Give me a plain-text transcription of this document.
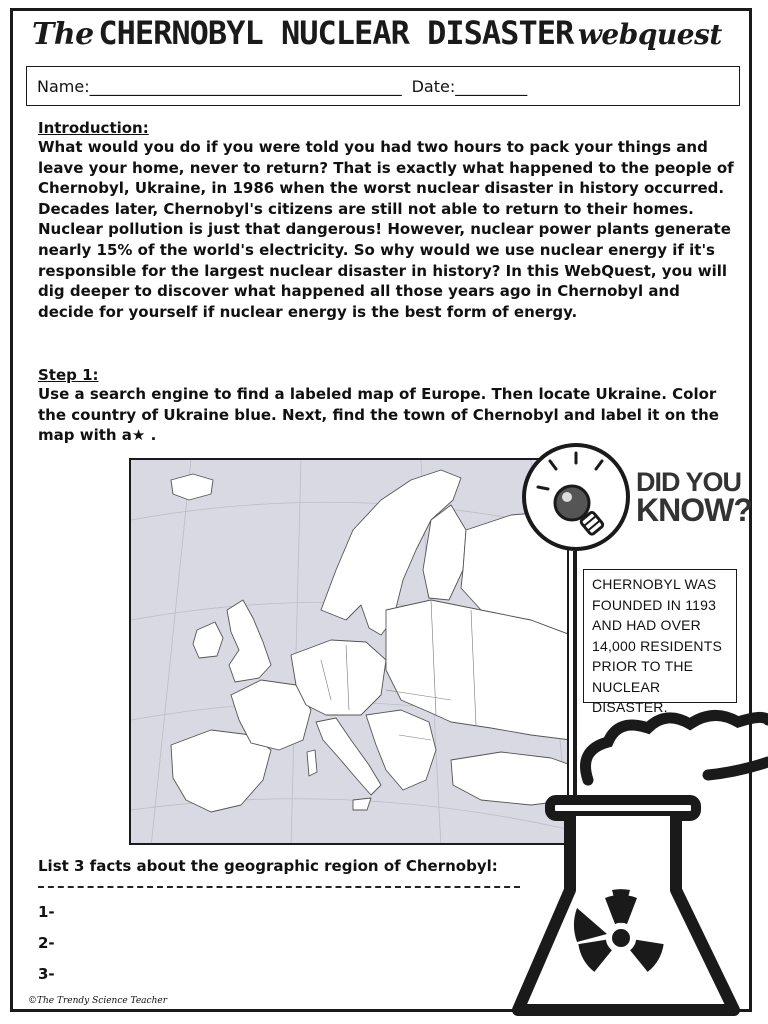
The CHERNOBYL NUCLEAR DISASTER webquest
Name: _______________________________________ Date: _________
Introduction:
What would you do if you were told you had two hours to pack your things and leave your home, never to return? That is exactly what happened to the people of Chernobyl, Ukraine, in 1986 when the worst nuclear disaster in history occurred. Decades later, Chernobyl's citizens are still not able to return to their homes. Nuclear pollution is just that dangerous! However, nuclear power plants generate nearly 15% of the world's electricity. So why would we use nuclear energy if it's responsible for the largest nuclear disaster in history? In this WebQuest, you will dig deeper to discover what happened all those years ago in Chernobyl and decide for yourself if nuclear energy is the best form of energy.
Step 1:
Use a search engine to find a labeled map of Europe. Then locate Ukraine. Color the country of Ukraine blue. Next, find the town of Chernobyl and label it on the map with a★ .
DID YOU
KNOW?
CHERNOBYL WAS FOUNDED IN 1193 AND HAD OVER 14,000 RESIDENTS PRIOR TO THE NUCLEAR DISASTER.
List 3 facts about the geographic region of Chernobyl:
1-
2-
3-
©The Trendy Science Teacher
